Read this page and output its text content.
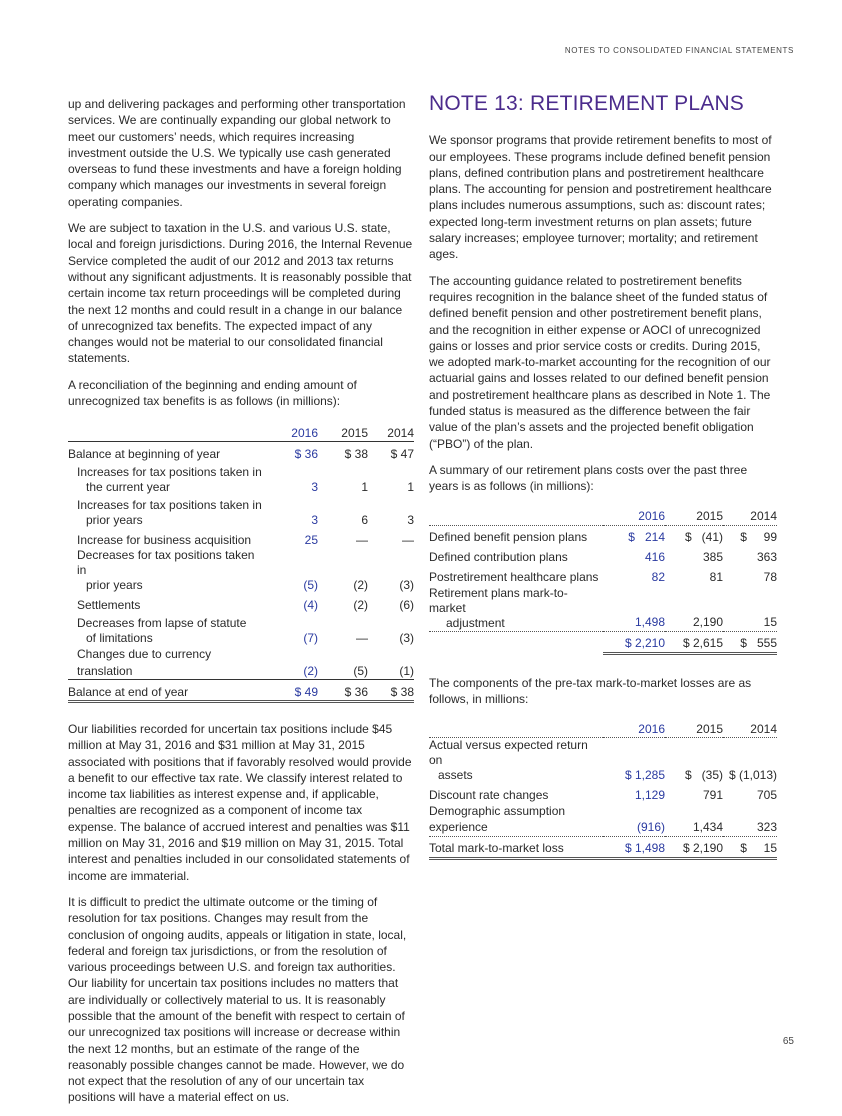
NOTES TO CONSOLIDATED FINANCIAL STATEMENTS

up and delivering packages and performing other transportation services. We are continually expanding our global network to meet our customers’ needs, which requires increasing investment outside the U.S. We typically use cash generated overseas to fund these investments and have a foreign holding company which manages our investments in several foreign operating companies.

We are subject to taxation in the U.S. and various U.S. state, local and foreign jurisdictions. During 2016, the Internal Revenue Service completed the audit of our 2012 and 2013 tax returns without any significant adjustments. It is reasonably possible that certain income tax return proceedings will be completed during the next 12 months and could result in a change in our balance of unrecognized tax benefits. The expected impact of any changes would not be material to our consolidated financial statements.

A reconciliation of the beginning and ending amount of unrecognized tax benefits is as follows (in millions):

	2016	2015	2014
Balance at beginning of year	$ 36	$ 38	$ 47

Increases for tax positions taken in
the current year	3	1	1

Increases for tax positions taken in
prior years	3	6	3
Increase for business acquisition	25	—	—

Decreases for tax positions taken in
prior years	(5)	(2)	(3)
Settlements	(4)	(2)	(6)

Decreases from lapse of statute
of limitations	(7)	—	(3)
Changes due to currency translation	(2)	(5)	(1)
Balance at end of year	$ 49	$ 36	$ 38

Our liabilities recorded for uncertain tax positions include $45 million at May 31, 2016 and $31 million at May 31, 2015 associated with positions that if favorably resolved would provide a benefit to our effective tax rate. We classify interest related to income tax liabilities as interest expense and, if applicable, penalties are recognized as a component of income tax expense. The balance of accrued interest and penalties was $11 million on May 31, 2016 and $19 million on May 31, 2015. Total interest and penalties included in our consolidated statements of income are immaterial.

It is difficult to predict the ultimate outcome or the timing of resolution for tax positions. Changes may result from the conclusion of ongoing audits, appeals or litigation in state, local, federal and foreign tax jurisdictions, or from the resolution of various proceedings between U.S. and foreign tax authorities. Our liability for uncertain tax positions includes no matters that are individually or collectively material to us. It is reasonably possible that the amount of the benefit with respect to certain of our unrecognized tax positions will increase or decrease within the next 12 months, but an estimate of the range of the reasonably possible changes cannot be made. However, we do not expect that the resolution of any of our uncertain tax positions will have a material effect on us.

NOTE 13: RETIREMENT PLANS

We sponsor programs that provide retirement benefits to most of our employees. These programs include defined benefit pension plans, defined contribution plans and postretirement healthcare plans. The accounting for pension and postretirement healthcare plans includes numerous assumptions, such as: discount rates; expected long-term investment returns on plan assets; future salary increases; employee turnover; mortality; and retirement ages.

The accounting guidance related to postretirement benefits requires recognition in the balance sheet of the funded status of defined benefit pension and other postretirement benefit plans, and the recognition in either expense or AOCI of unrecognized gains or losses and prior service costs or credits. During 2015, we adopted mark-to-market accounting for the recognition of our actuarial gains and losses related to our defined benefit pension and postretirement healthcare plans as described in Note 1. The funded status is measured as the difference between the fair value of the plan’s assets and the projected benefit obligation (“PBO”) of the plan.

A summary of our retirement plans costs over the past three years is as follows (in millions):

	2016	2015	2014
Defined benefit pension plans	$   214	$   (41)	$     99
Defined contribution plans	416	385	363
Postretirement healthcare plans	82	81	78

Retirement plans mark-to-market
adjustment	1,498	2,190	15
	$ 2,210	$ 2,615	$   555

The components of the pre-tax mark-to-market losses are as follows, in millions:

	2016	2015	2014

Actual versus expected return on
assets	$ 1,285	$   (35)	$ (1,013)
Discount rate changes	1,129	791	705
Demographic assumption experience	(916)	1,434	323
Total mark-to-market loss	$ 1,498	$ 2,190	$     15
65
